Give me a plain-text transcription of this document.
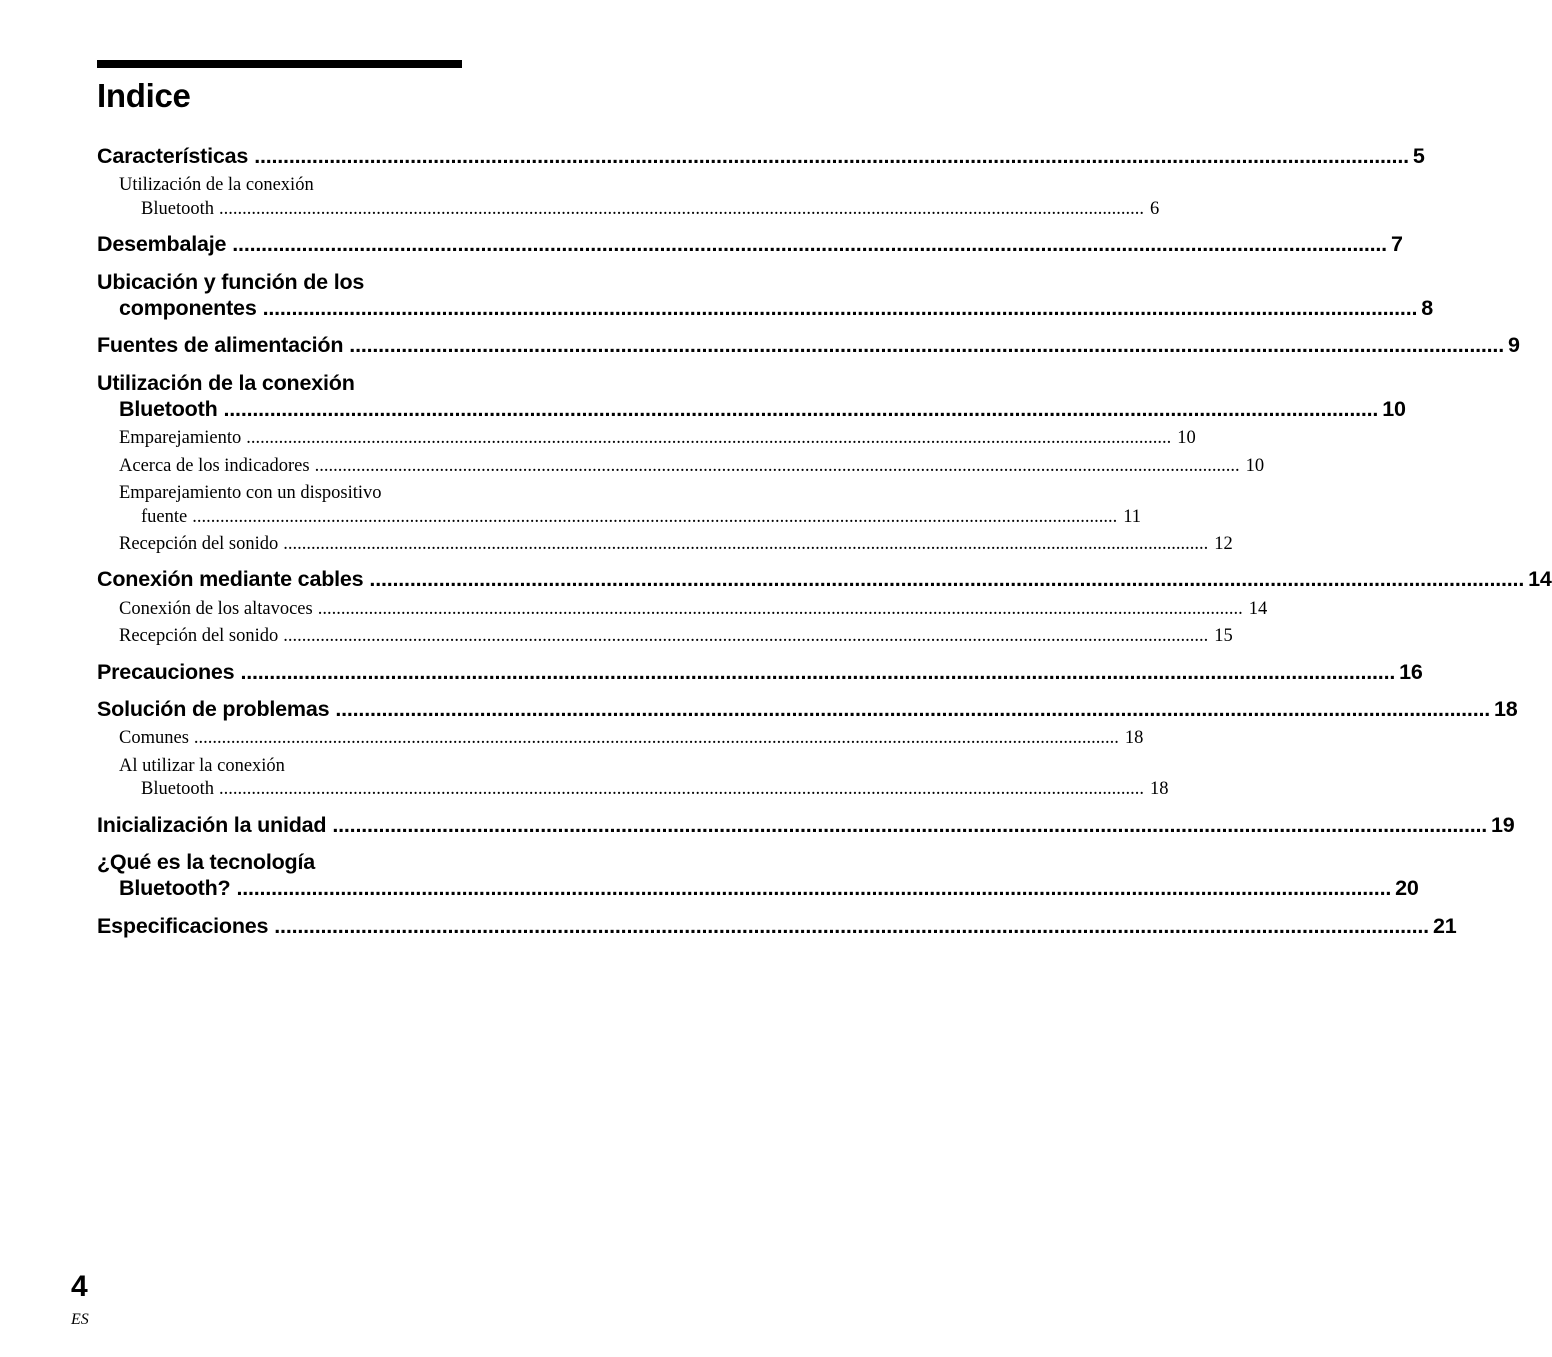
Indice
Características ........................................................................................................................................................................................................ 5
Utilización de la conexión
Bluetooth ........................................................................................................................................................................................................ 6
Desembalaje ........................................................................................................................................................................................................ 7
Ubicación y función de los
componentes ........................................................................................................................................................................................................ 8
Fuentes de alimentación ........................................................................................................................................................................................................ 9
Utilización de la conexión
Bluetooth ........................................................................................................................................................................................................ 10
Emparejamiento ........................................................................................................................................................................................................ 10
Acerca de los indicadores ........................................................................................................................................................................................................ 10
Emparejamiento con un dispositivo
fuente ........................................................................................................................................................................................................ 11
Recepción del sonido ........................................................................................................................................................................................................ 12
Conexión mediante cables ........................................................................................................................................................................................................ 14
Conexión de los altavoces ........................................................................................................................................................................................................ 14
Recepción del sonido ........................................................................................................................................................................................................ 15
Precauciones ........................................................................................................................................................................................................ 16
Solución de problemas ........................................................................................................................................................................................................ 18
Comunes ........................................................................................................................................................................................................ 18
Al utilizar la conexión
Bluetooth ........................................................................................................................................................................................................ 18
Inicialización la unidad ........................................................................................................................................................................................................ 19
¿Qué es la tecnología
Bluetooth? ........................................................................................................................................................................................................ 20
Especificaciones ........................................................................................................................................................................................................ 21
4
ES
